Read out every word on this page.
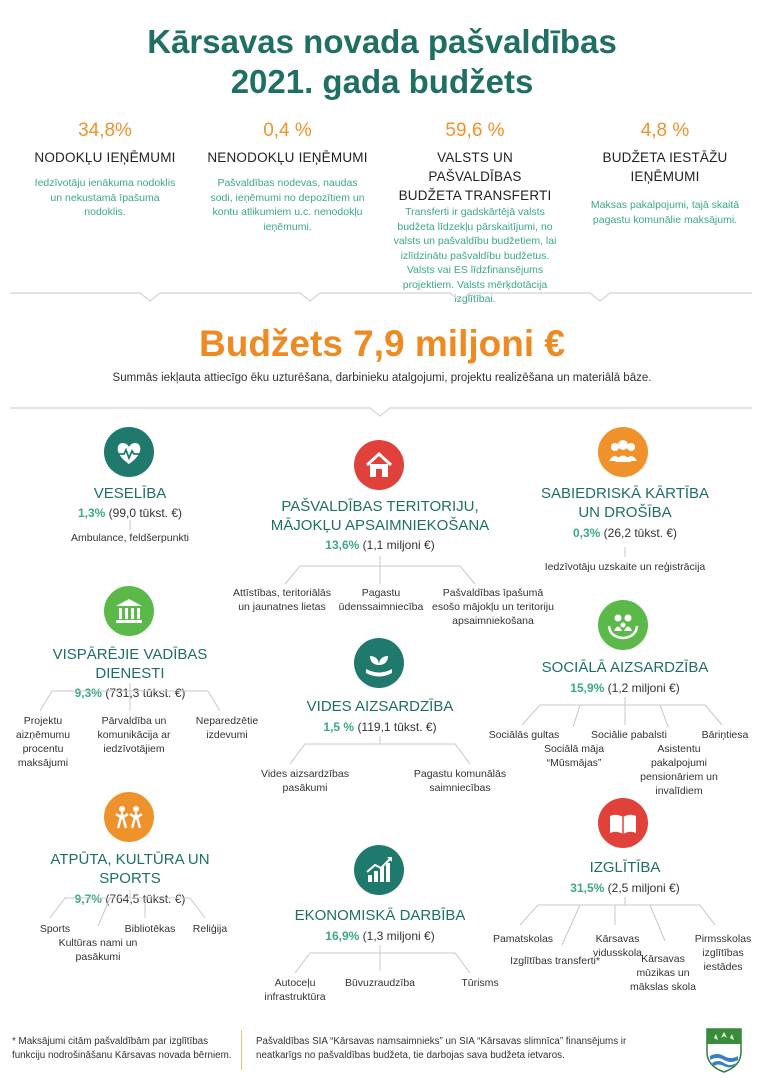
Kārsavas novada pašvaldības
2021. gada budžets
34,8%
NODOKĻU IEŅĒMUMI
Iedzīvotāju ienākuma nodoklis un nekustamā īpašuma nodoklis.
0,4 %
NENODOKĻU IEŅĒMUMI
Pašvaldības nodevas, naudas sodi, ieņēmumi no depozītiem un kontu atlikumiem u.c. nenodokļu ieņēmumi.
59,6 %
VALSTS UN PAŠVALDĪBAS BUDŽETA TRANSFERTI
Transferti ir gadskārtējā valsts budžeta līdzekļu pārskaitījumi, no valsts un pašvaldību budžetiem, lai izlīdzinātu pašvaldību budžetus. Valsts vai ES līdzfinansējums projektiem. Valsts mērķdotācija izglītībai.
4,8 %
BUDŽETA IESTĀŽU IEŅĒMUMI
Maksas pakalpojumi, tajā skaitā pagastu komunālie maksājumi.
Budžets 7,9 miljoni €
Summās iekļauta attiecīgo ēku uzturēšana, darbinieku atalgojumi, projektu realizēšana un materiālā bāze.
VESELĪBA
1,3% (99,0 tūkst. €)
Ambulance, feldšerpunkti
PAŠVALDĪBAS TERITORIJU,
MĀJOKĻU APSAIMNIEKOŠANA
13,6% (1,1 miljoni €)
Attīstības, teritoriālās un jaunatnes lietas
Pagastu ūdenssaimniecība
Pašvaldības īpašumā esošo mājokļu un teritoriju apsaimniekošana
SABIEDRISKĀ KĀRTĪBA
UN DROŠĪBA
0,3% (26,2 tūkst. €)
Iedzīvotāju uzskaite un reģistrācija
VISPĀRĒJIE VADĪBAS DIENESTI
9,3% (731,3 tūkst. €)
Projektu aizņēmumu procentu maksājumi
Pārvaldība un komunikācija ar iedzīvotājiem
Neparedzētie izdevumi
VIDES AIZSARDZĪBA
1,5 % (119,1 tūkst. €)
Vides aizsardzības pasākumi
Pagastu komunālās saimniecības
SOCIĀLĀ AIZSARDZĪBA
15,9% (1,2 miljoni €)
Sociālās gultas
Sociālā māja “Mūsmājas”
Sociālie pabalsti
Asistentu pakalpojumi pensionāriem un invalīdiem
Bāriņtiesa
ATPŪTA, KULTŪRA UN SPORTS
9,7% (764,5 tūkst. €)
Sports
Kultūras nami un pasākumi
Bibliotēkas	Reliģija
EKONOMISKĀ DARBĪBA
16,9% (1,3 miljoni €)
Autoceļu infrastruktūra
Būvuzraudzība	Tūrisms
IZGLĪTĪBA
31,5% (2,5 miljoni €)
Pamatskolas
Izglītības transferti*
Kārsavas vidusskola Kārsavas mūzikas un mākslas skola
Pirmsskolas izglītības iestādes
* Maksājumi citām pašvaldībām par izglītības funkciju nodrošināšanu Kārsavas novada bērniem.
Pašvaldības SIA “Kārsavas namsaimnieks” un SIA “Kārsavas slimnīca” finansējums ir neatkarīgs no pašvaldības budžeta, tie darbojas sava budžeta ietvaros.
